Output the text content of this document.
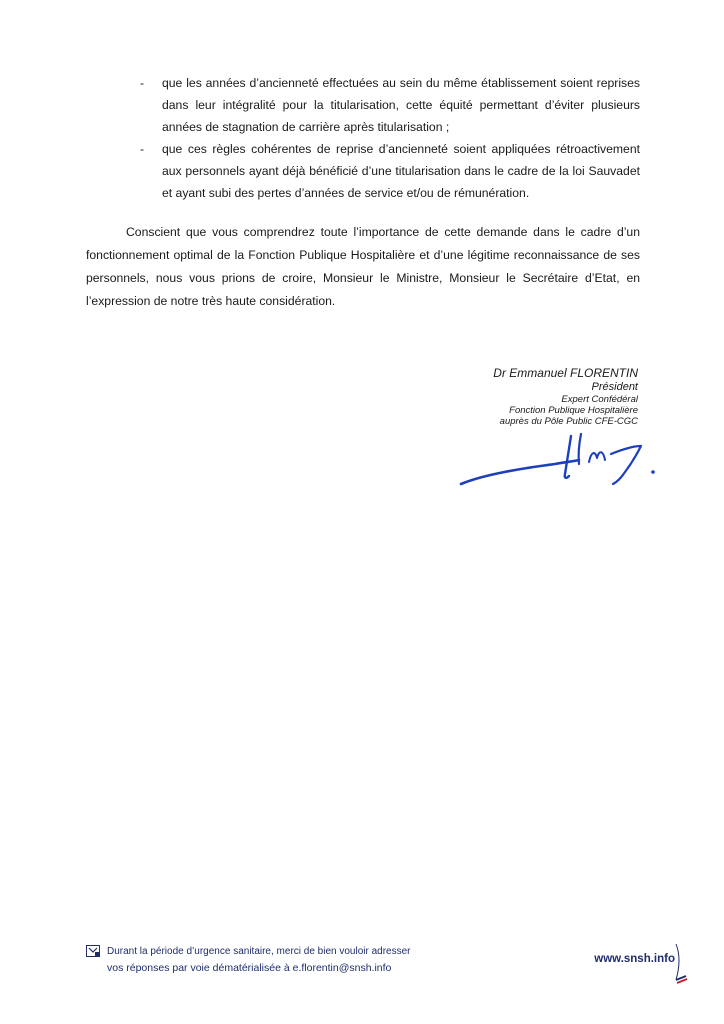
- que les années d’ancienneté effectuées au sein du même établissement soient reprises dans leur intégralité pour la titularisation, cette équité permettant d’éviter plusieurs années de stagnation de carrière après titularisation ;
- que ces règles cohérentes de reprise d’ancienneté soient appliquées rétroactivement aux personnels ayant déjà bénéficié d’une titularisation dans le cadre de la loi Sauvadet et ayant subi des pertes d’années de service et/ou de rémunération.

Conscient que vous comprendrez toute l’importance de cette demande dans le cadre d’un fonctionnement optimal de la Fonction Publique Hospitalière et d’une légitime reconnaissance de ses personnels, nous vous prions de croire, Monsieur le Ministre, Monsieur le Secrétaire d’Etat, en l’expression de notre très haute considération.

Dr Emmanuel FLORENTIN
Président
Expert Confédéral
Fonction Publique Hospitalière
auprès du Pôle Public CFE-CGC
Durant la période d’urgence sanitaire, merci de bien vouloir adresser
vos réponses par voie dématérialisée à e.florentin@snsh.info
www.snsh.info
